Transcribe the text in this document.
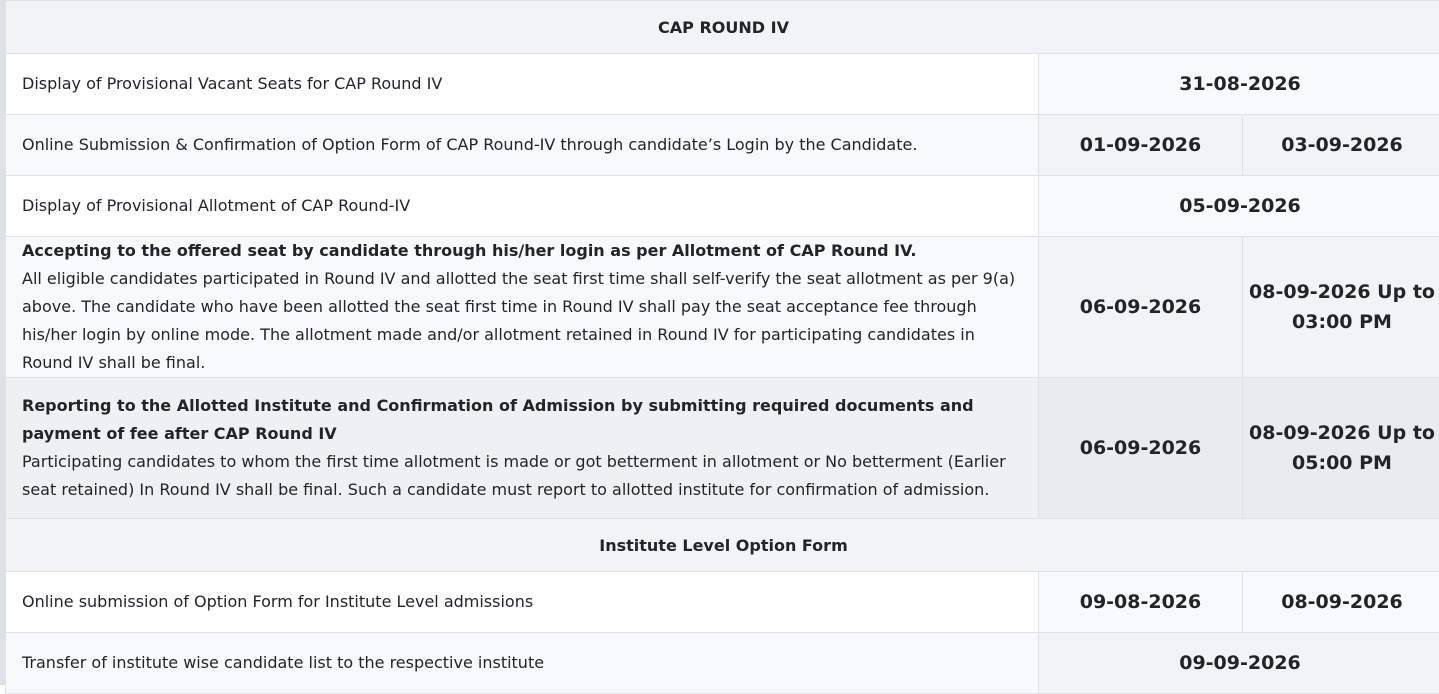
CAP ROUND IV		
Display of Provisional Vacant Seats for CAP Round IV	31-08-2026	
Online Submission & Confirmation of Option Form of CAP Round-IV through candidate’s Login by the Candidate.	01-09-2026	03-09-2026
Display of Provisional Allotment of CAP Round-IV	05-09-2026	

Accepting to the offered seat by candidate through his/her login as per Allotment of CAP Round IV.
All eligible candidates participated in Round IV and allotted the seat first time shall self-verify the seat allotment as per 9(a) above. The candidate who have been allotted the seat first time in Round IV shall pay the seat acceptance fee through his/her login by online mode. The allotment made and/or allotment retained in Round IV for participating candidates in Round IV shall be final.	06-09-2026	08-09-2026 Up to 03:00 PM

Reporting to the Allotted Institute and Confirmation of Admission by submitting required documents and payment of fee after CAP Round IV
Participating candidates to whom the first time allotment is made or got betterment in allotment or No betterment (Earlier seat retained) In Round IV shall be final. Such a candidate must report to allotted institute for confirmation of admission.	06-09-2026	08-09-2026 Up to 05:00 PM
Institute Level Option Form		
Online submission of Option Form for Institute Level admissions	09-08-2026	08-09-2026
Transfer of institute wise candidate list to the respective institute	09-09-2026	
